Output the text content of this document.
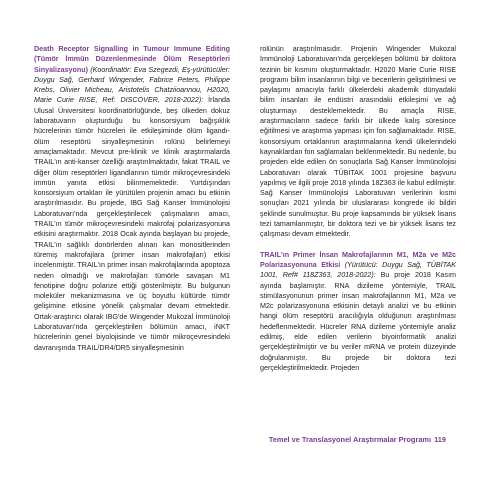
Death Receptor Signalling in Tumour Immune Editing (Tümör İmmün Düzenlenmesinde Ölüm Reseptörleri Sinyalizasyonu) (Koordinatör: Eva Szegezdi, Eş-yürütücüler: Duygu Sağ, Gerhard Wingender, Fabrice Peters, Philippe Krebs, Olivier Micheau, Aristotelis Chatziioannou, H2020, Marie Curie RISE, Ref: DISCOVER, 2018-2022): İrlanda Ulusal Üniversitesi koordinatörlüğünde, beş ülkeden dokuz laboratuvarın oluşturduğu bu konsorsiyum bağışıklık hücrelerinin tümör hücreleri ile etkileşiminde ölüm ligandı-ölüm reseptörü sinyalleşmesinin rolünü belirlemeyi amaçlamaktadır. Mevcut pre-klinik ve klinik araştırmalarda TRAIL'ın anti-kanser özelliği araştırılmaktadır, fakat TRAIL ve diğer ölüm reseptörleri ligandlarının tümör mikroçevresindeki immün yanıta etkisi bilinmemektedir. Yurtdışından konsorsiyum ortakları ile yürütülen projenin amacı bu etkinin araştırılmasıdır. Bu projede, IBG Sağ Kanser İmmünolojisi Laboratuvarı'nda gerçekleştirilecek çalışmaların amacı, TRAIL'ın tümör mikroçevresindeki makrofaj polarizasyonuna etkisini araştırmaktır. 2018 Ocak ayında başlayan bu projede, TRAIL'ın sağlıklı donörlerden alınan kan monositlerinden türemiş makrofajlara (primer insan makrofajları) etkisi incelenmiştir. TRAIL'ın primer insan makrofajlarında apoptoza neden olmadığı ve makrofajları tümörle savaşan M1 fenotipine doğru polarize ettiği gösterilmiştir. Bu bulgunun moleküler mekanizmasına ve üç boyutlu kültürde tümör gelişimine etkisine yönelik çalışmalar devam etmektedir. Ortak-araştırıcı olarak IBG'de Wingender Mukozal İmmünoloji Laboratuvarı'nda gerçekleştirilen bölümün amacı, iNKT hücrelerinin genel biyolojisinde ve tümör mikroçevresindeki davranışında TRAIL/DR4/DR5 sinyalleşmesinin

rolünün araştırılmasıdır. Projenin Wingender Mukozal İmmünoloji Laboratuvarı'nda gerçekleşen bölümü bir doktora tezinin bir kısmını oluşturmaktadır. H2020 Marie Curie RISE programı bilim insanlarının bilgi ve becerilerin geliştirilmesi ve paylaşımı amacıyla farklı ülkelerdeki akademik dünyadaki bilim insanları ile endüstri arasındaki etkileşimi ve ağ oluşturmayı desteklemektedir. Bu amaçla RISE, araştırmacıların sadece farklı bir ülkede kalış süresince eğitilmesi ve araştırma yapması için fon sağlamaktadır. RISE, konsorsiyum ortaklarının araştırmalarına kendi ülkelerindeki kaynaklardan fon sağlamaları beklenmektedir. Bu nedenle, bu projeden elde edilen ön sonuçlarla Sağ Kanser İmmünolojisi Laboratuvarı olarak TÜBİTAK 1001 projesine başvuru yapılmış ve ilgili proje 2018 yılında 18Z363 ile kabul edilmiştir. Sağ Kanser İmmünolojisi Laboratuvarı verilerinin kısmi sonuçları 2021 yılında bir uluslararası kongrede iki bildiri şeklinde sunulmuştur. Bu proje kapsamında bir yüksek lisans tezi tamamlanmıştır, bir doktora tezi ve bir yüksek lisans tez çalışması devam etmektedir.

TRAIL'ın Primer İnsan Makrofajlarının M1, M2a ve M2c Polarizasyonuna Etkisi (Yürütücü: Duygu Sağ, TÜBİTAK 1001, Ref# 118Z363, 2018-2022): Bu proje 2018 Kasım ayında başlamıştır. RNA dizileme yöntemiyle, TRAIL stimülasyonunun primer insan makrofajlarının M1, M2a ve M2c polarizasyonuna etkisinin detaylı analizi ve bu etkinin hangi ölüm reseptörü aracılığıyla olduğunun araştırılması hedeflenmektedir. Hücreler RNA dizileme yöntemiyle analiz edilmiş, elde edilen verilerin biyoinformatik analizi gerçekleştirilmiştir ve bu veriler mRNA ve protein düzeyinde doğrulanmıştır. Bu projede bir doktora tezi gerçekleştirilmektedir. Projeden

Temel ve Translasyonel Araştırmalar Programı 119
